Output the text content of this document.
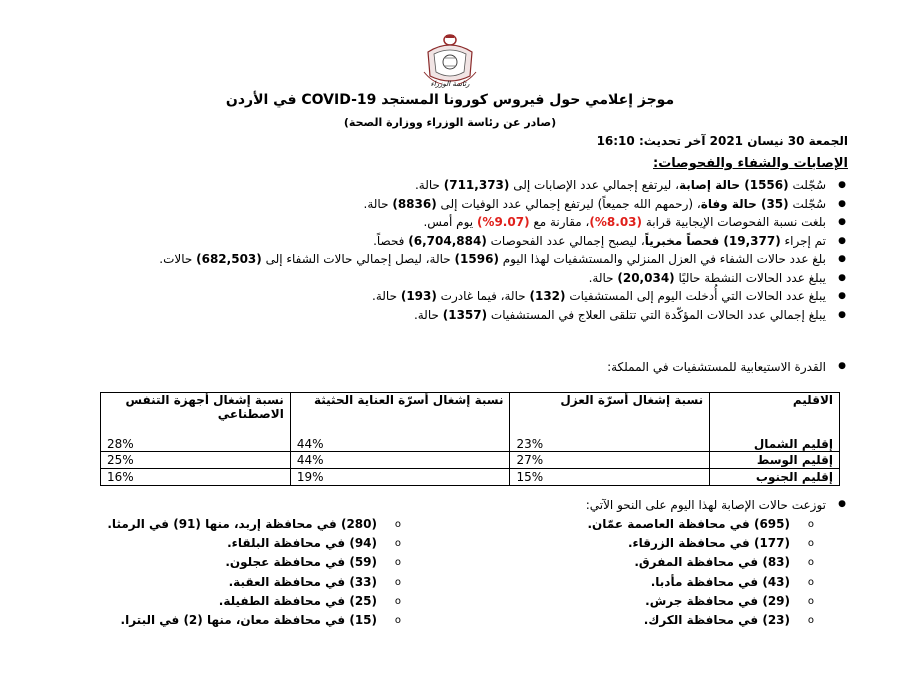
رئاسة الوزراء
موجز إعلامي حول فيروس كورونا المستجد COVID-19 في الأردن
(صادر عن رئاسة الوزراء ووزارة الصحة)
الجمعة 30 نيسان 2021 آخر تحديث: 16:10
الإصابات والشفاء والفحوصات:
● سُجّلت (1556) حالة إصابة، ليرتفع إجمالي عدد الإصابات إلى (711,373) حالة.
● سُجّلت (35) حالة وفاة، (رحمهم الله جميعاً) ليرتفع إجمالي عدد الوفيات إلى (8836) حالة.
● بلغت نسبة الفحوصات الإيجابية قرابة (8.03%)، مقارنة مع (9.07%) يوم أمس.
● تم إجراء (19,377) فحصاً مخبرياً، ليصبح إجمالي عدد الفحوصات (6,704,884) فحصاً.
● بلغ عدد حالات الشفاء في العزل المنزلي والمستشفيات لهذا اليوم (1596) حالة، ليصل إجمالي حالات الشفاء إلى (682,503) حالات.
● يبلغ عدد الحالات النشطة حاليًا (20,034) حالة.
● يبلغ عدد الحالات التي أُدخلت اليوم إلى المستشفيات (132) حالة، فيما غادرت (193) حالة.
● يبلغ إجمالي عدد الحالات المؤكّدة التي تتلقى العلاج في المستشفيات (1357) حالة.
● القدرة الاستيعابية للمستشفيات في المملكة:
الاقليم	نسبة إشغال أسرّة العزل	نسبة إشغال أسرّة العناية الحثيثة	نسبة إشغال أجهزة التنفس الاصطناعي
إقليم الشمال	23%	44%	28%
إقليم الوسط	27%	44%	25%
إقليم الجنوب	15%	19%	16%
● توزعت حالات الإصابة لهذا اليوم على النحو الآتي:
o (695) في محافظة العاصمة عمّان.
o (177) في محافظة الزرقاء.
o (83) في محافظة المفرق.
o (43) في محافظة مأدبا.
o (29) في محافظة جرش.
o (23) في محافظة الكرك.
o (280) في محافظة إربد، منها (91) في الرمثا.
o (94) في محافظة البلقاء.
o (59) في محافظة عجلون.
o (33) في محافظة العقبة.
o (25) في محافظة الطفيلة.
o (15) في محافظة معان، منها (2) في البترا.
